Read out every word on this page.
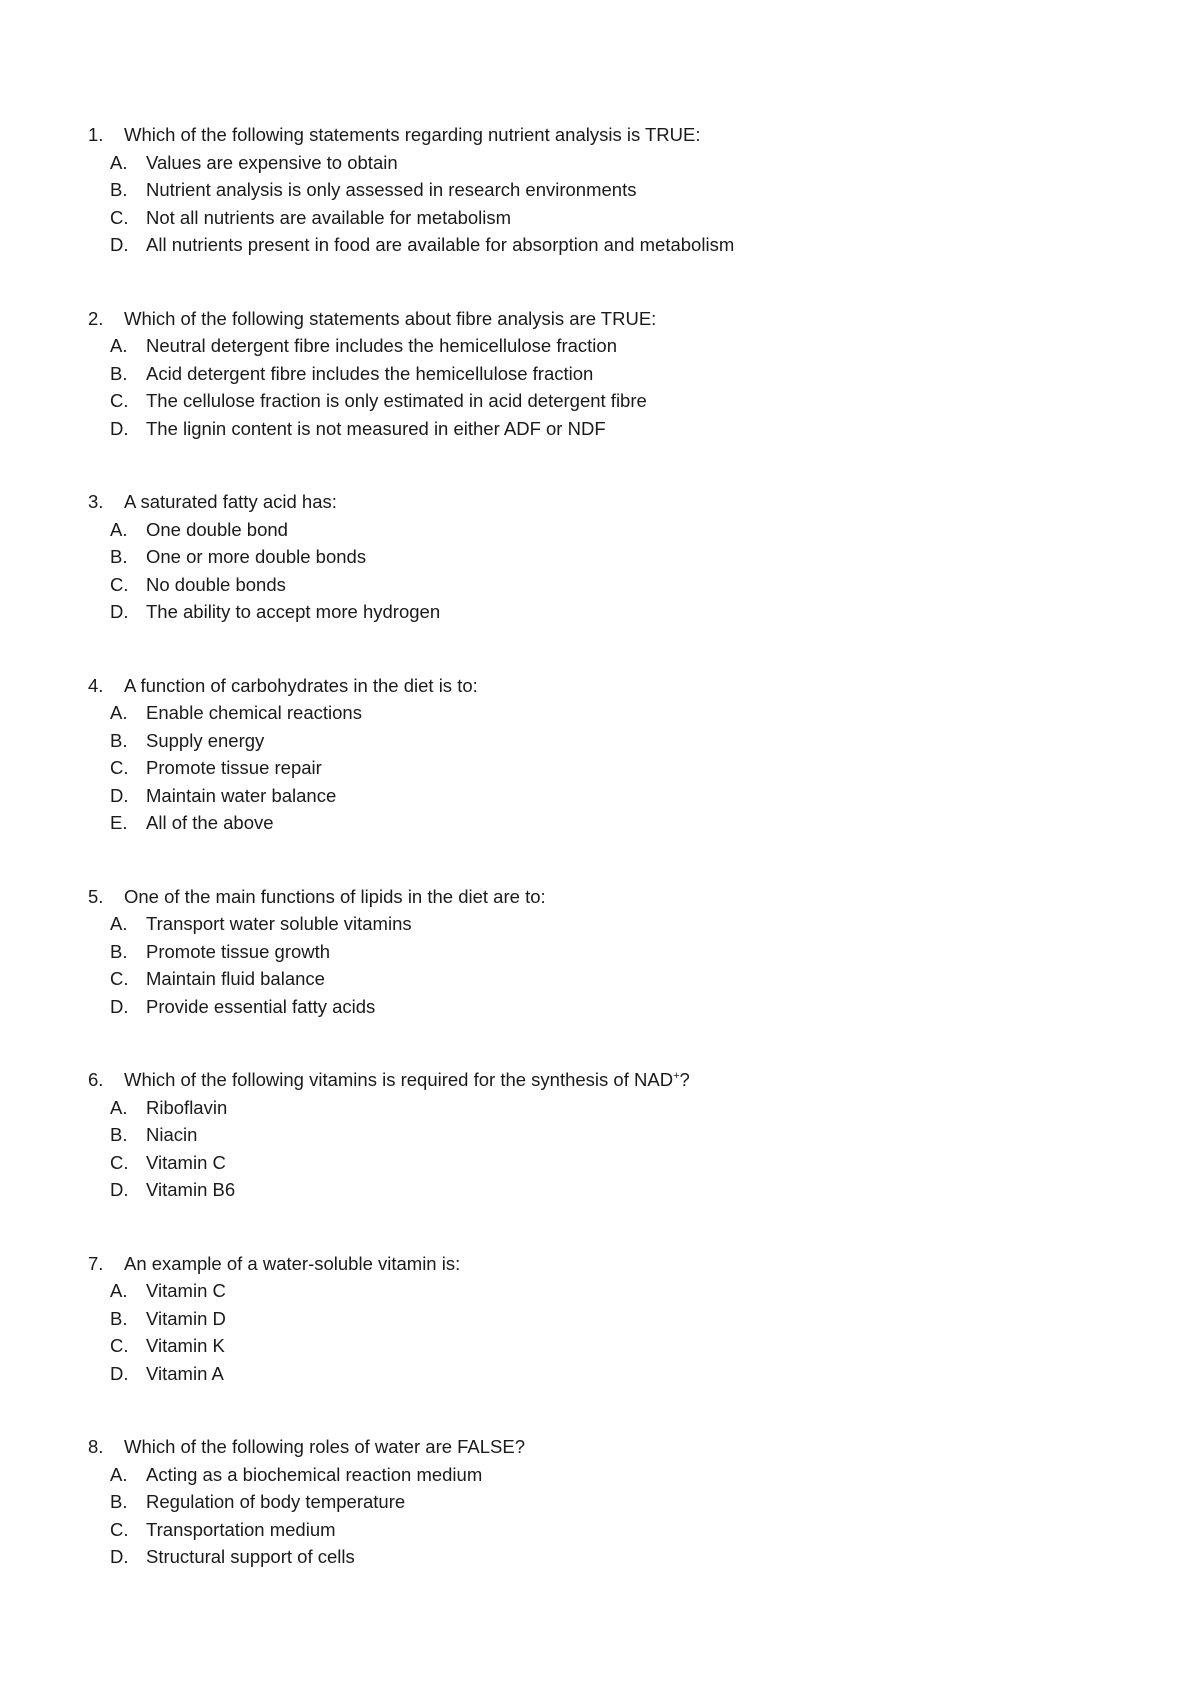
1.	Which of the following statements regarding nutrient analysis is TRUE:
A.	Values are expensive to obtain
B.	Nutrient analysis is only assessed in research environments
C. Not all nutrients are available for metabolism
D. All nutrients present in food are available for absorption and metabolism
2.	Which of the following statements about fibre analysis are TRUE:
A.	Neutral detergent fibre includes the hemicellulose fraction
B.	Acid detergent fibre includes the hemicellulose fraction
C. The cellulose fraction is only estimated in acid detergent fibre
D. The lignin content is not measured in either ADF or NDF
3.	A saturated fatty acid has:
A.	One double bond
B.	One or more double bonds
C. No double bonds
D. The ability to accept more hydrogen
4.	A function of carbohydrates in the diet is to:
A.	Enable chemical reactions
B.	Supply energy
C. Promote tissue repair
D. Maintain water balance
E.	All of the above
5.	One of the main functions of lipids in the diet are to:
A.	Transport water soluble vitamins
B.	Promote tissue growth
C. Maintain fluid balance
D. Provide essential fatty acids
6.	Which of the following vitamins is required for the synthesis of NAD+?
A.	Riboflavin
B.	Niacin
C. Vitamin C
D. Vitamin B6
7.	An example of a water-soluble vitamin is:
A.	Vitamin C
B.	Vitamin D
C. Vitamin K
D. Vitamin A
8.	Which of the following roles of water are FALSE?
A.	Acting as a biochemical reaction medium
B.	Regulation of body temperature
C. Transportation medium
D. Structural support of cells
